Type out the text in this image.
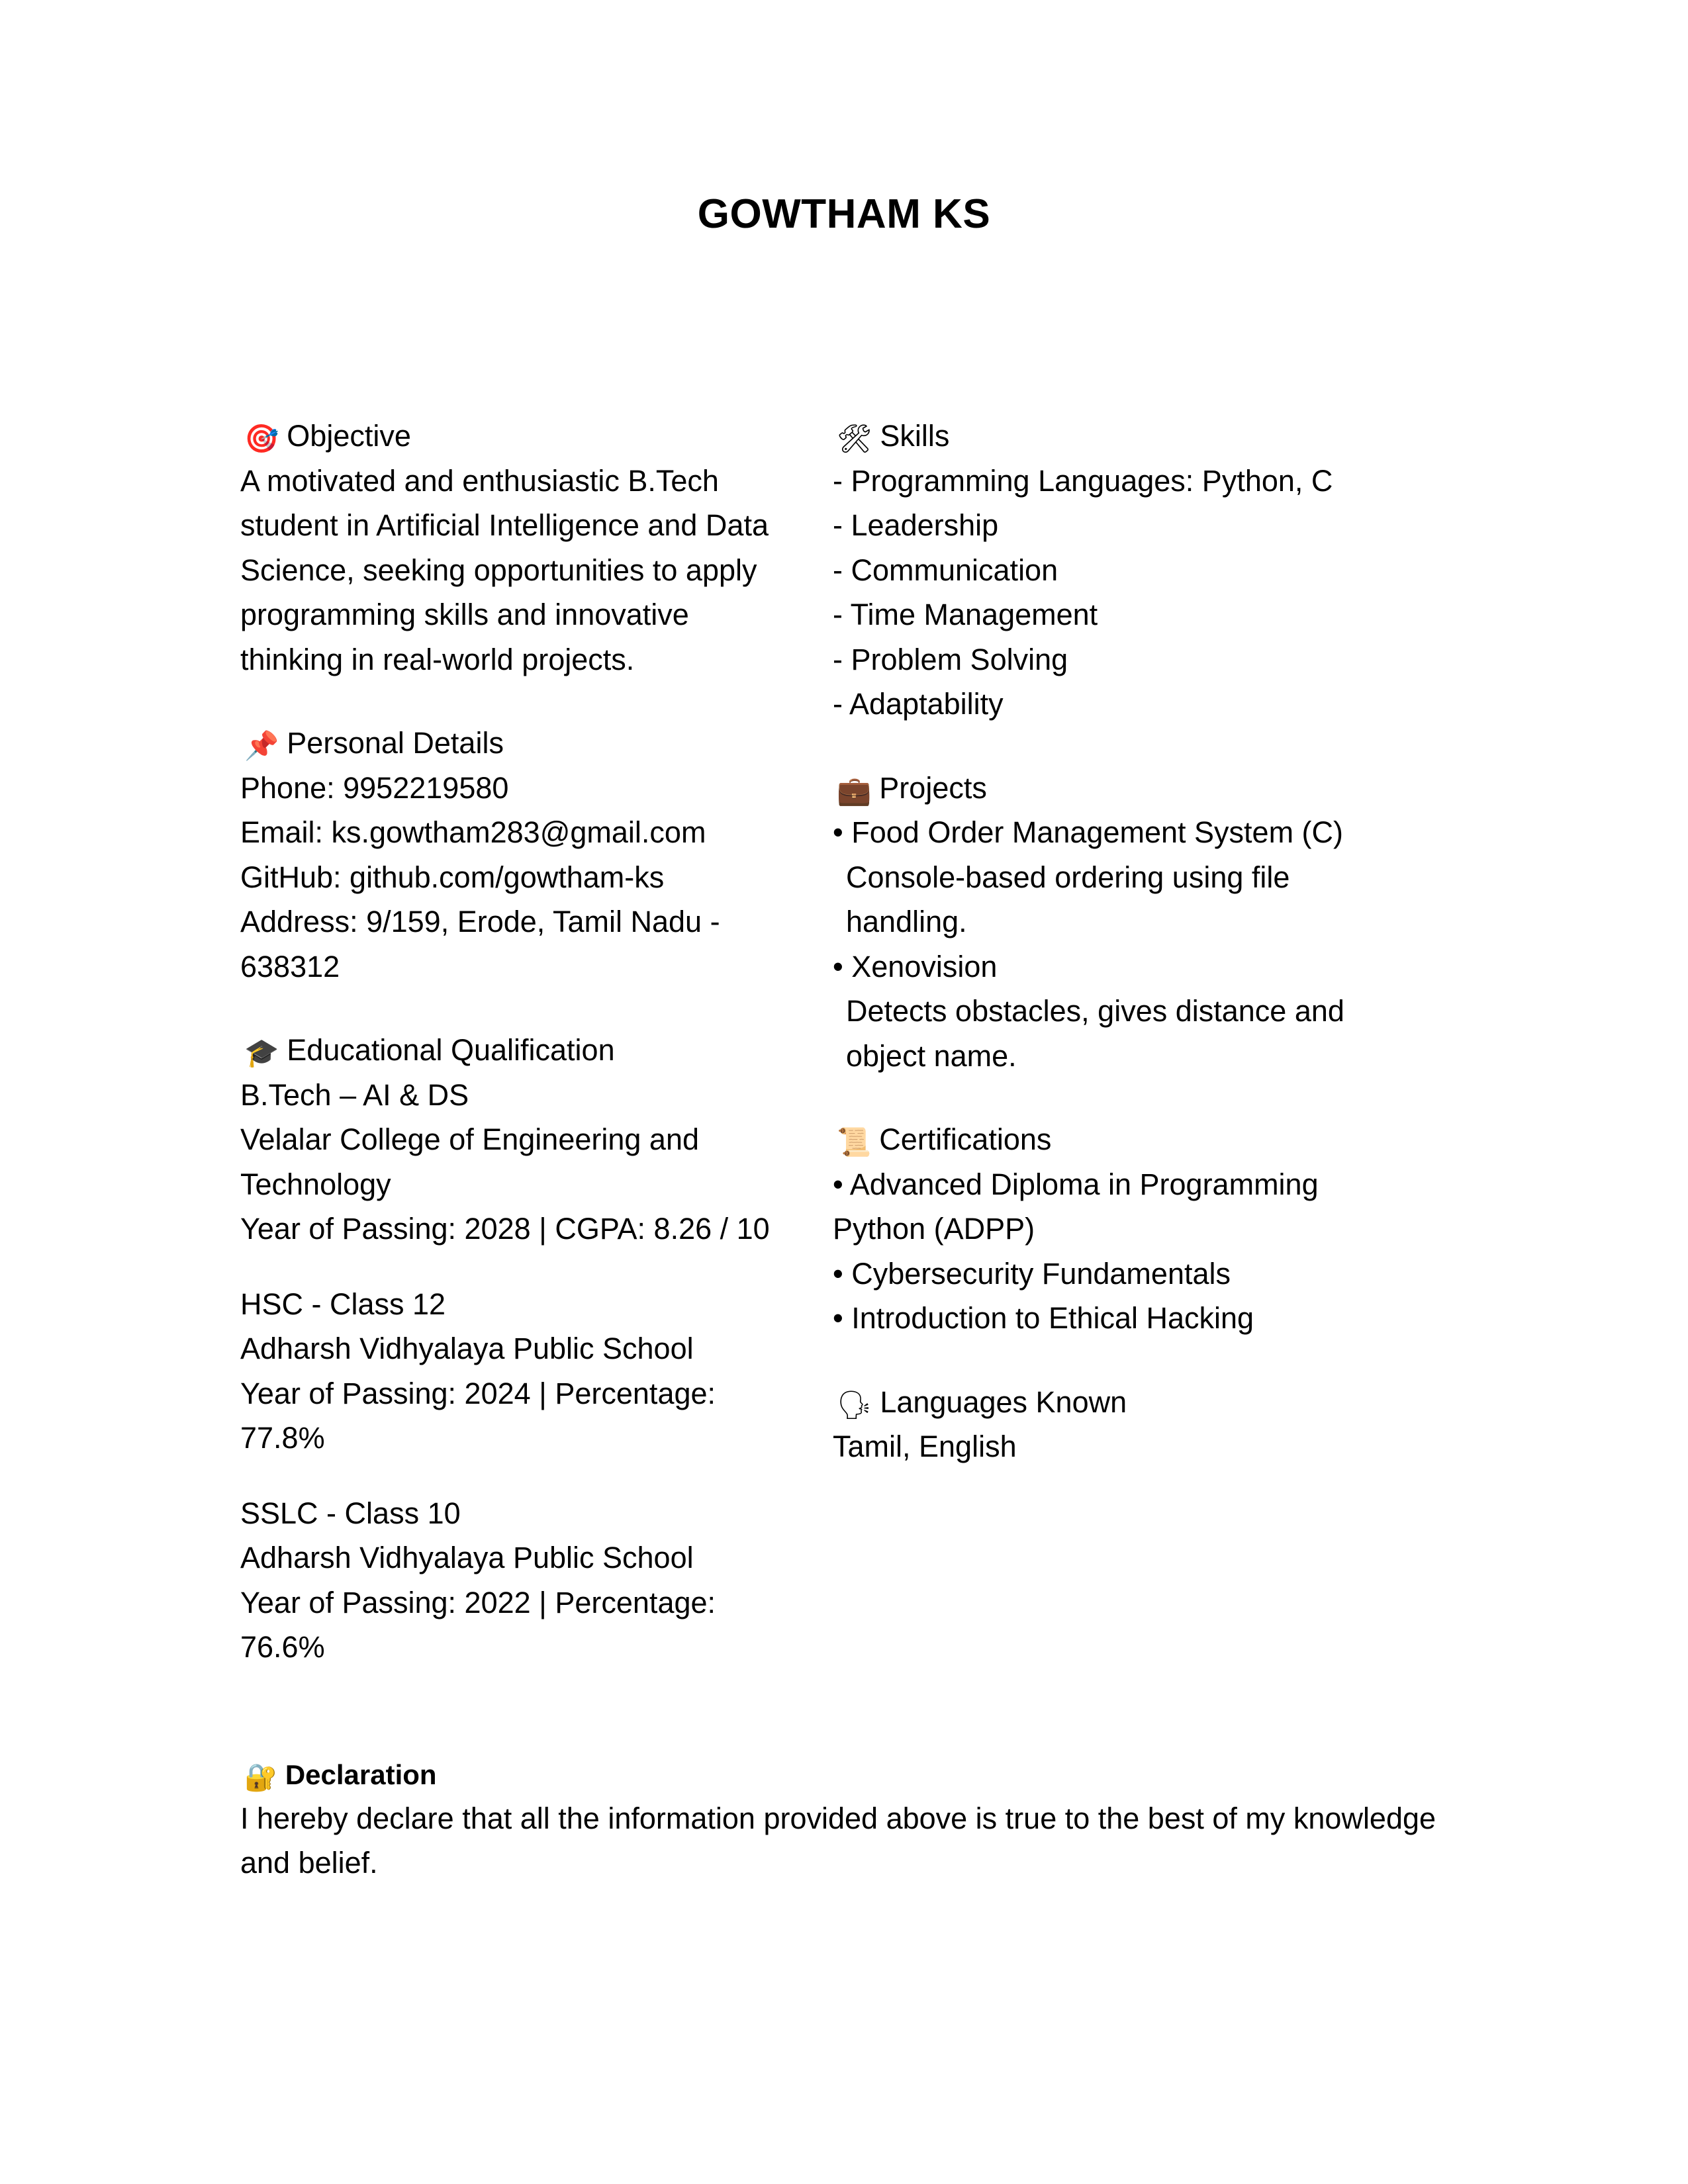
GOWTHAM KS
🎯 Objective
A motivated and enthusiastic B.Tech student in Artificial Intelligence and Data Science, seeking opportunities to apply programming skills and innovative thinking in real-world projects.
📌 Personal Details
Phone: 9952219580
Email: ks.gowtham283@gmail.com
GitHub: github.com/gowtham-ks
Address: 9/159, Erode, Tamil Nadu - 638312
🎓 Educational Qualification
B.Tech – AI & DS
Velalar College of Engineering and Technology
Year of Passing: 2028 | CGPA: 8.26 / 10
HSC - Class 12
Adharsh Vidhyalaya Public School
Year of Passing: 2024 | Percentage: 77.8%
SSLC - Class 10
Adharsh Vidhyalaya Public School
Year of Passing: 2022 | Percentage: 76.6%
🛠 Skills
- Programming Languages: Python, C
- Leadership
- Communication
- Time Management
- Problem Solving
- Adaptability
💼 Projects
• Food Order Management System (C)
Console-based ordering using file handling.
• Xenovision
Detects obstacles, gives distance and object name.
📜 Certifications
• Advanced Diploma in Programming Python (ADPP)
• Cybersecurity Fundamentals
• Introduction to Ethical Hacking
🗣 Languages Known
Tamil, English
🔐 Declaration
I hereby declare that all the information provided above is true to the best of my knowledge and belief.
